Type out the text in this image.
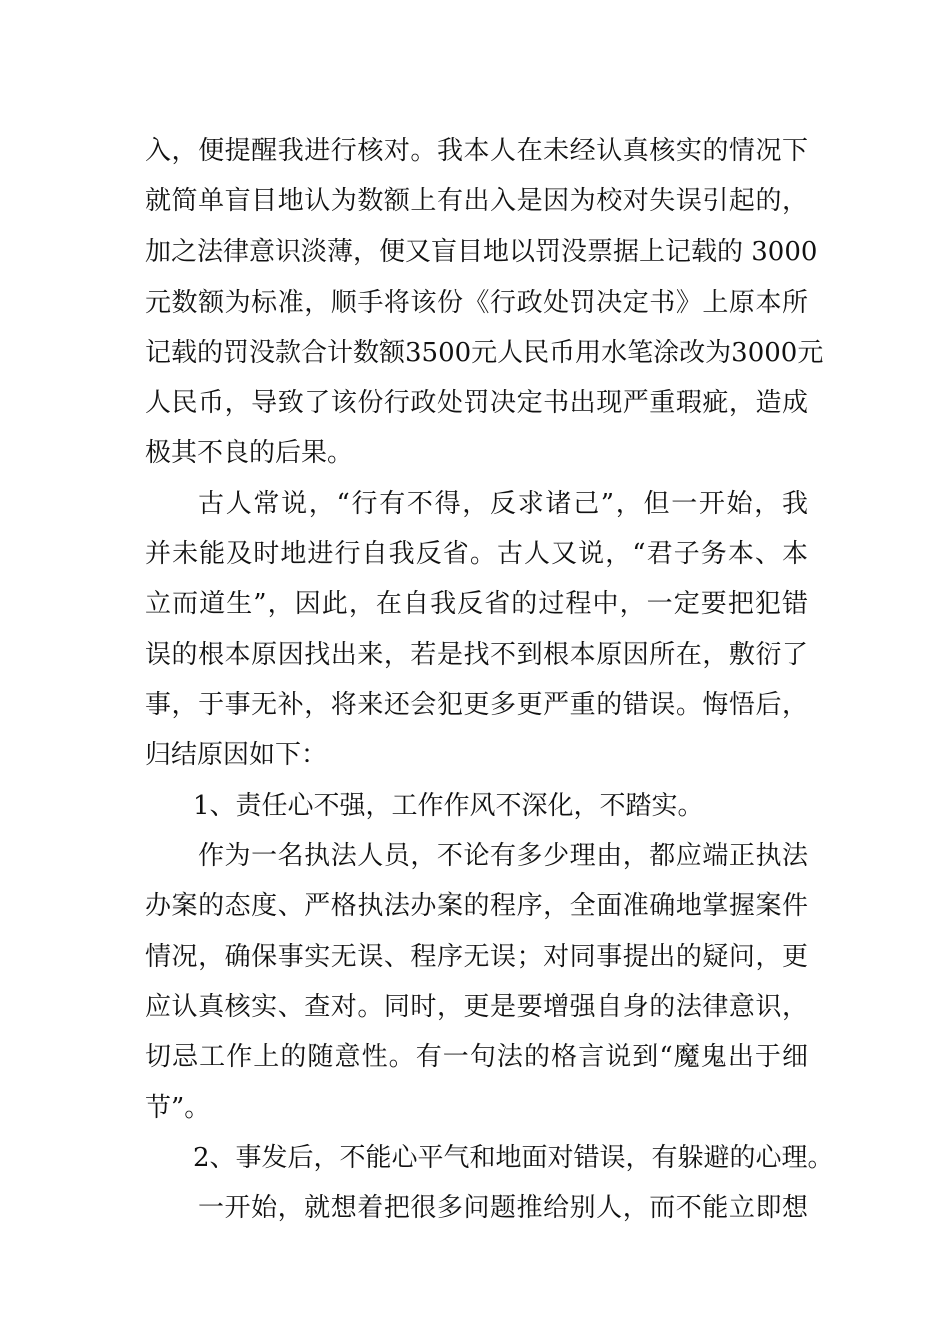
入，便提醒我进行核对。我本人在未经认真核实的情况下
就简单盲目地认为数额上有出入是因为校对失误引起的，
加之法律意识淡薄，便又盲目地以罚没票据上记载的 3000
元数额为标准，顺手将该份《行政处罚决定书》上原本所
记载的罚没款合计数额3500元人民币用水笔涂改为3000元
人民币，导致了该份行政处罚决定书出现严重瑕疵，造成
极其不良的后果。
古人常说，“行有不得，反求诸己”，但一开始，我
并未能及时地进行自我反省。古人又说，“君子务本、本
立而道生”，因此，在自我反省的过程中，一定要把犯错
误的根本原因找出来，若是找不到根本原因所在，敷衍了
事，于事无补，将来还会犯更多更严重的错误。悔悟后，
归结原因如下：
1、责任心不强，工作作风不深化，不踏实。
作为一名执法人员，不论有多少理由，都应端正执法
办案的态度、严格执法办案的程序，全面准确地掌握案件
情况，确保事实无误、程序无误；对同事提出的疑问，更
应认真核实、查对。同时，更是要增强自身的法律意识，
切忌工作上的随意性。有一句法的格言说到“魔鬼出于细
节”。
2、事发后，不能心平气和地面对错误，有躲避的心理。
一开始，就想着把很多问题推给别人，而不能立即想
